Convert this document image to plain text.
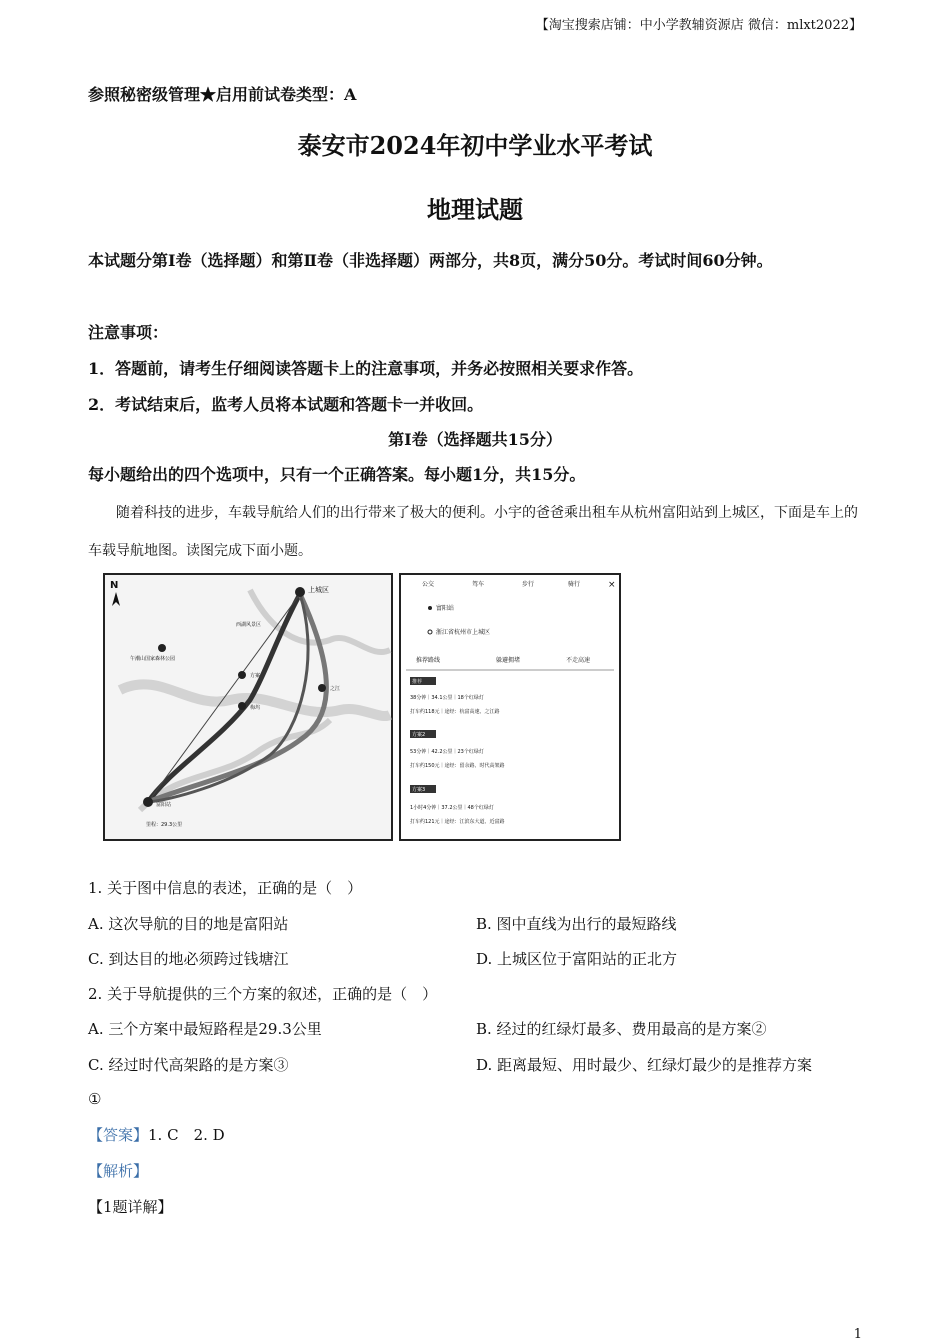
【淘宝搜索店铺：中小学教辅资源店 微信：mlxt2022】
参照秘密级管理★启用前试卷类型：A
泰安市2024年初中学业水平考试
地理试题
本试题分第Ⅰ卷（选择题）和第Ⅱ卷（非选择题）两部分，共8页，满分50分。考试时间60分钟。
注意事项：
1．答题前，请考生仔细阅读答题卡上的注意事项，并务必按照相关要求作答。
2．考试结束后，监考人员将本试题和答题卡一并收回。
第Ⅰ卷（选择题共15分）
每小题给出的四个选项中，只有一个正确答案。每小题1分，共15分。
随着科技的进步，车载导航给人们的出行带来了极大的便利。小宇的爸爸乘出租车从杭州富阳站到上城区，下面是车上的车载导航地图。读图完成下面小题。
N	上城区
西湖风景区
之江
方案
梅坞
富阳站
午潮山国家森林公园
里程：29.3公里
公交	驾车	步行	骑行	×
富阳站
浙江省杭州市上城区
推荐路线	躲避拥堵	不走高速
推荐
38分钟｜34.1公里｜18个红绿灯
打车约118元｜途经：杭富高速、之江路
方案2
53分钟｜42.2公里｜23个红绿灯
打车约150元｜途经：留余路、时代高架路
方案3
1小时4分钟｜37.2公里｜48个红绿灯
打车约121元｜途经：江滨东大道、近富路
1. 关于图中信息的表述，正确的是（　）
A. 这次导航的目的地是富阳站	B. 图中直线为出行的最短路线
C. 到达目的地必须跨过钱塘江	D. 上城区位于富阳站的正北方
2. 关于导航提供的三个方案的叙述，正确的是（　）
A. 三个方案中最短路程是29.3公里	B. 经过的红绿灯最多、费用最高的是方案②
C. 经过时代高架路的是方案③	D. 距离最短、用时最少、红绿灯最少的是推荐方案
①
【答案】1. C　2. D
【解析】
【1题详解】
1
